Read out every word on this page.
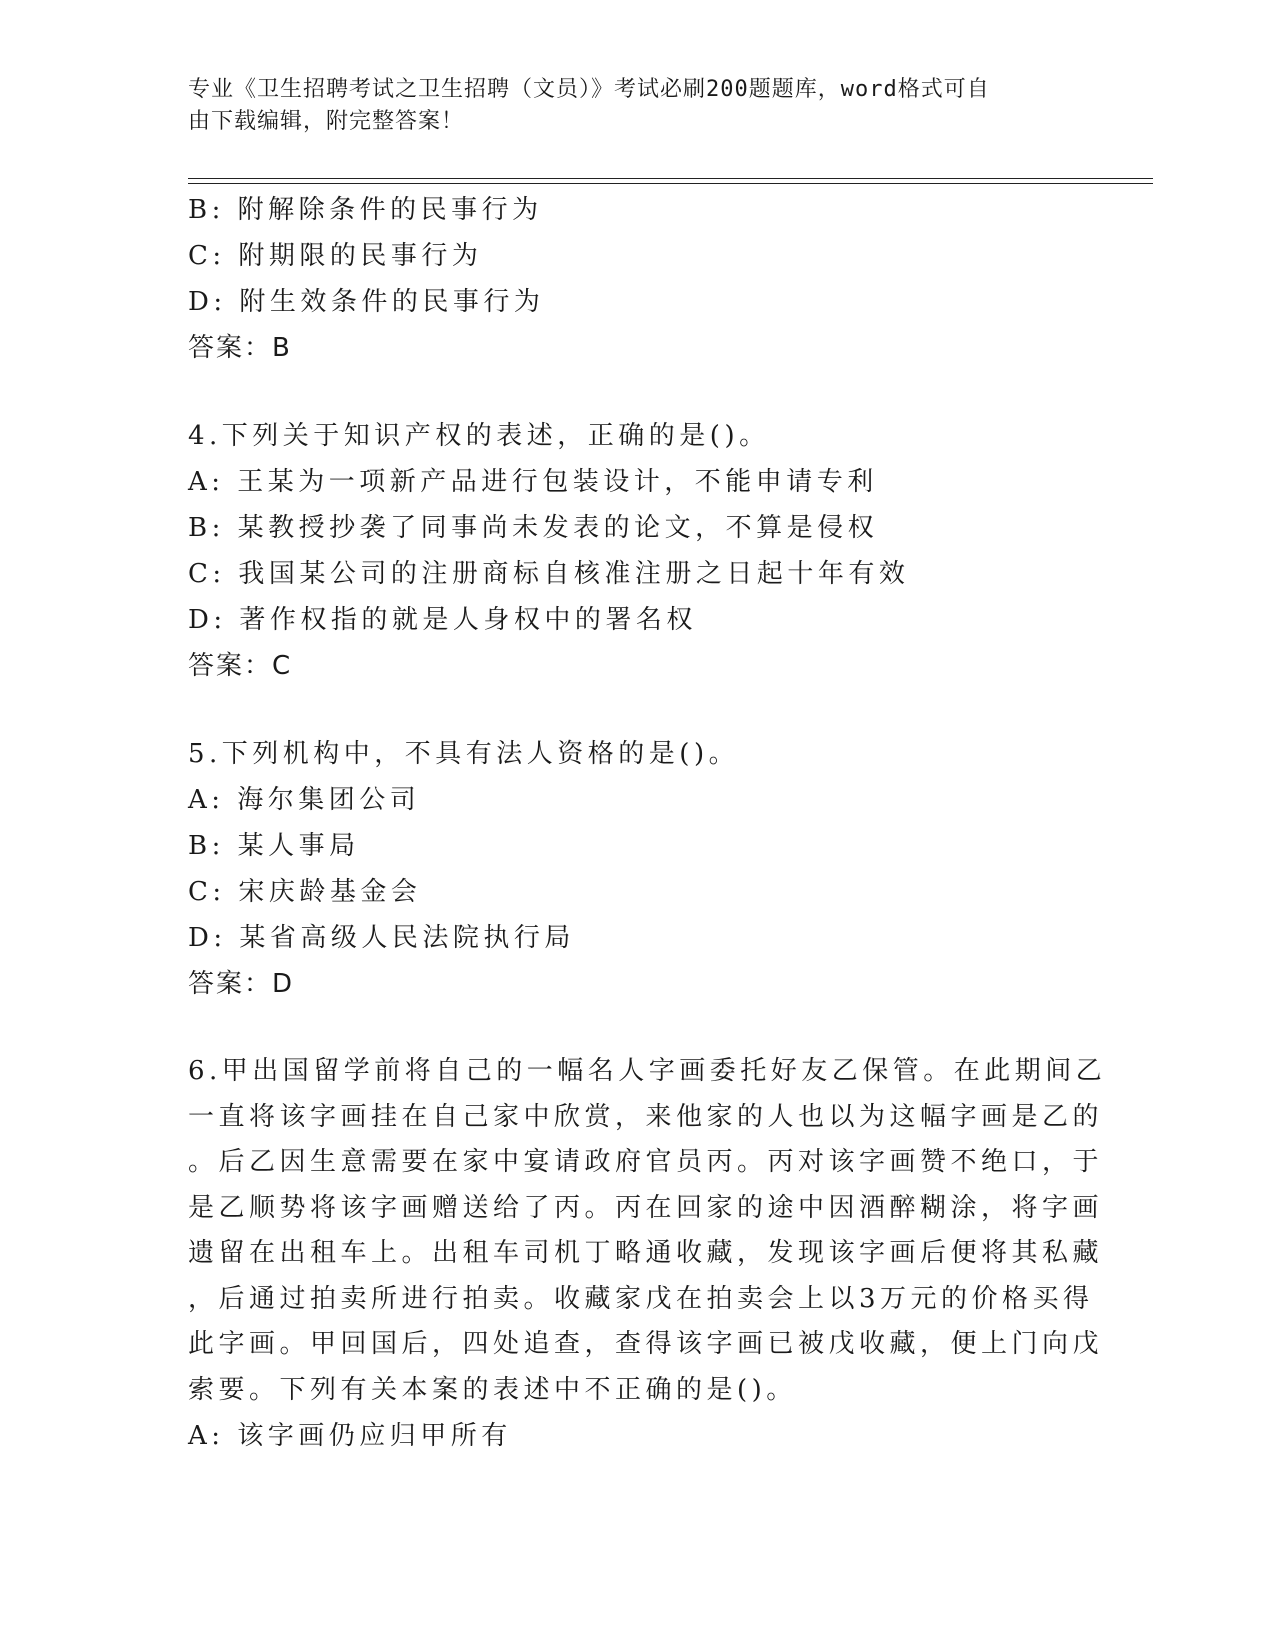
专业《卫生招聘考试之卫生招聘（文员）》考试必刷200题题库，word格式可自
由下载编辑，附完整答案！
B: 附解除条件的民事行为
C: 附期限的民事行为
D: 附生效条件的民事行为
答案：B
4.下列关于知识产权的表述，正确的是()。
A: 王某为一项新产品进行包装设计，不能申请专利
B: 某教授抄袭了同事尚未发表的论文，不算是侵权
C: 我国某公司的注册商标自核准注册之日起十年有效
D: 著作权指的就是人身权中的署名权
答案：C
5.下列机构中，不具有法人资格的是()。
A: 海尔集团公司
B: 某人事局
C: 宋庆龄基金会
D: 某省高级人民法院执行局
答案：D
6.甲出国留学前将自己的一幅名人字画委托好友乙保管。在此期间乙
一直将该字画挂在自己家中欣赏，来他家的人也以为这幅字画是乙的
。后乙因生意需要在家中宴请政府官员丙。丙对该字画赞不绝口，于
是乙顺势将该字画赠送给了丙。丙在回家的途中因酒醉糊涂，将字画
遗留在出租车上。出租车司机丁略通收藏，发现该字画后便将其私藏
，后通过拍卖所进行拍卖。收藏家戊在拍卖会上以3万元的价格买得
此字画。甲回国后，四处追查，查得该字画已被戊收藏，便上门向戊
索要。下列有关本案的表述中不正确的是()。
A: 该字画仍应归甲所有
